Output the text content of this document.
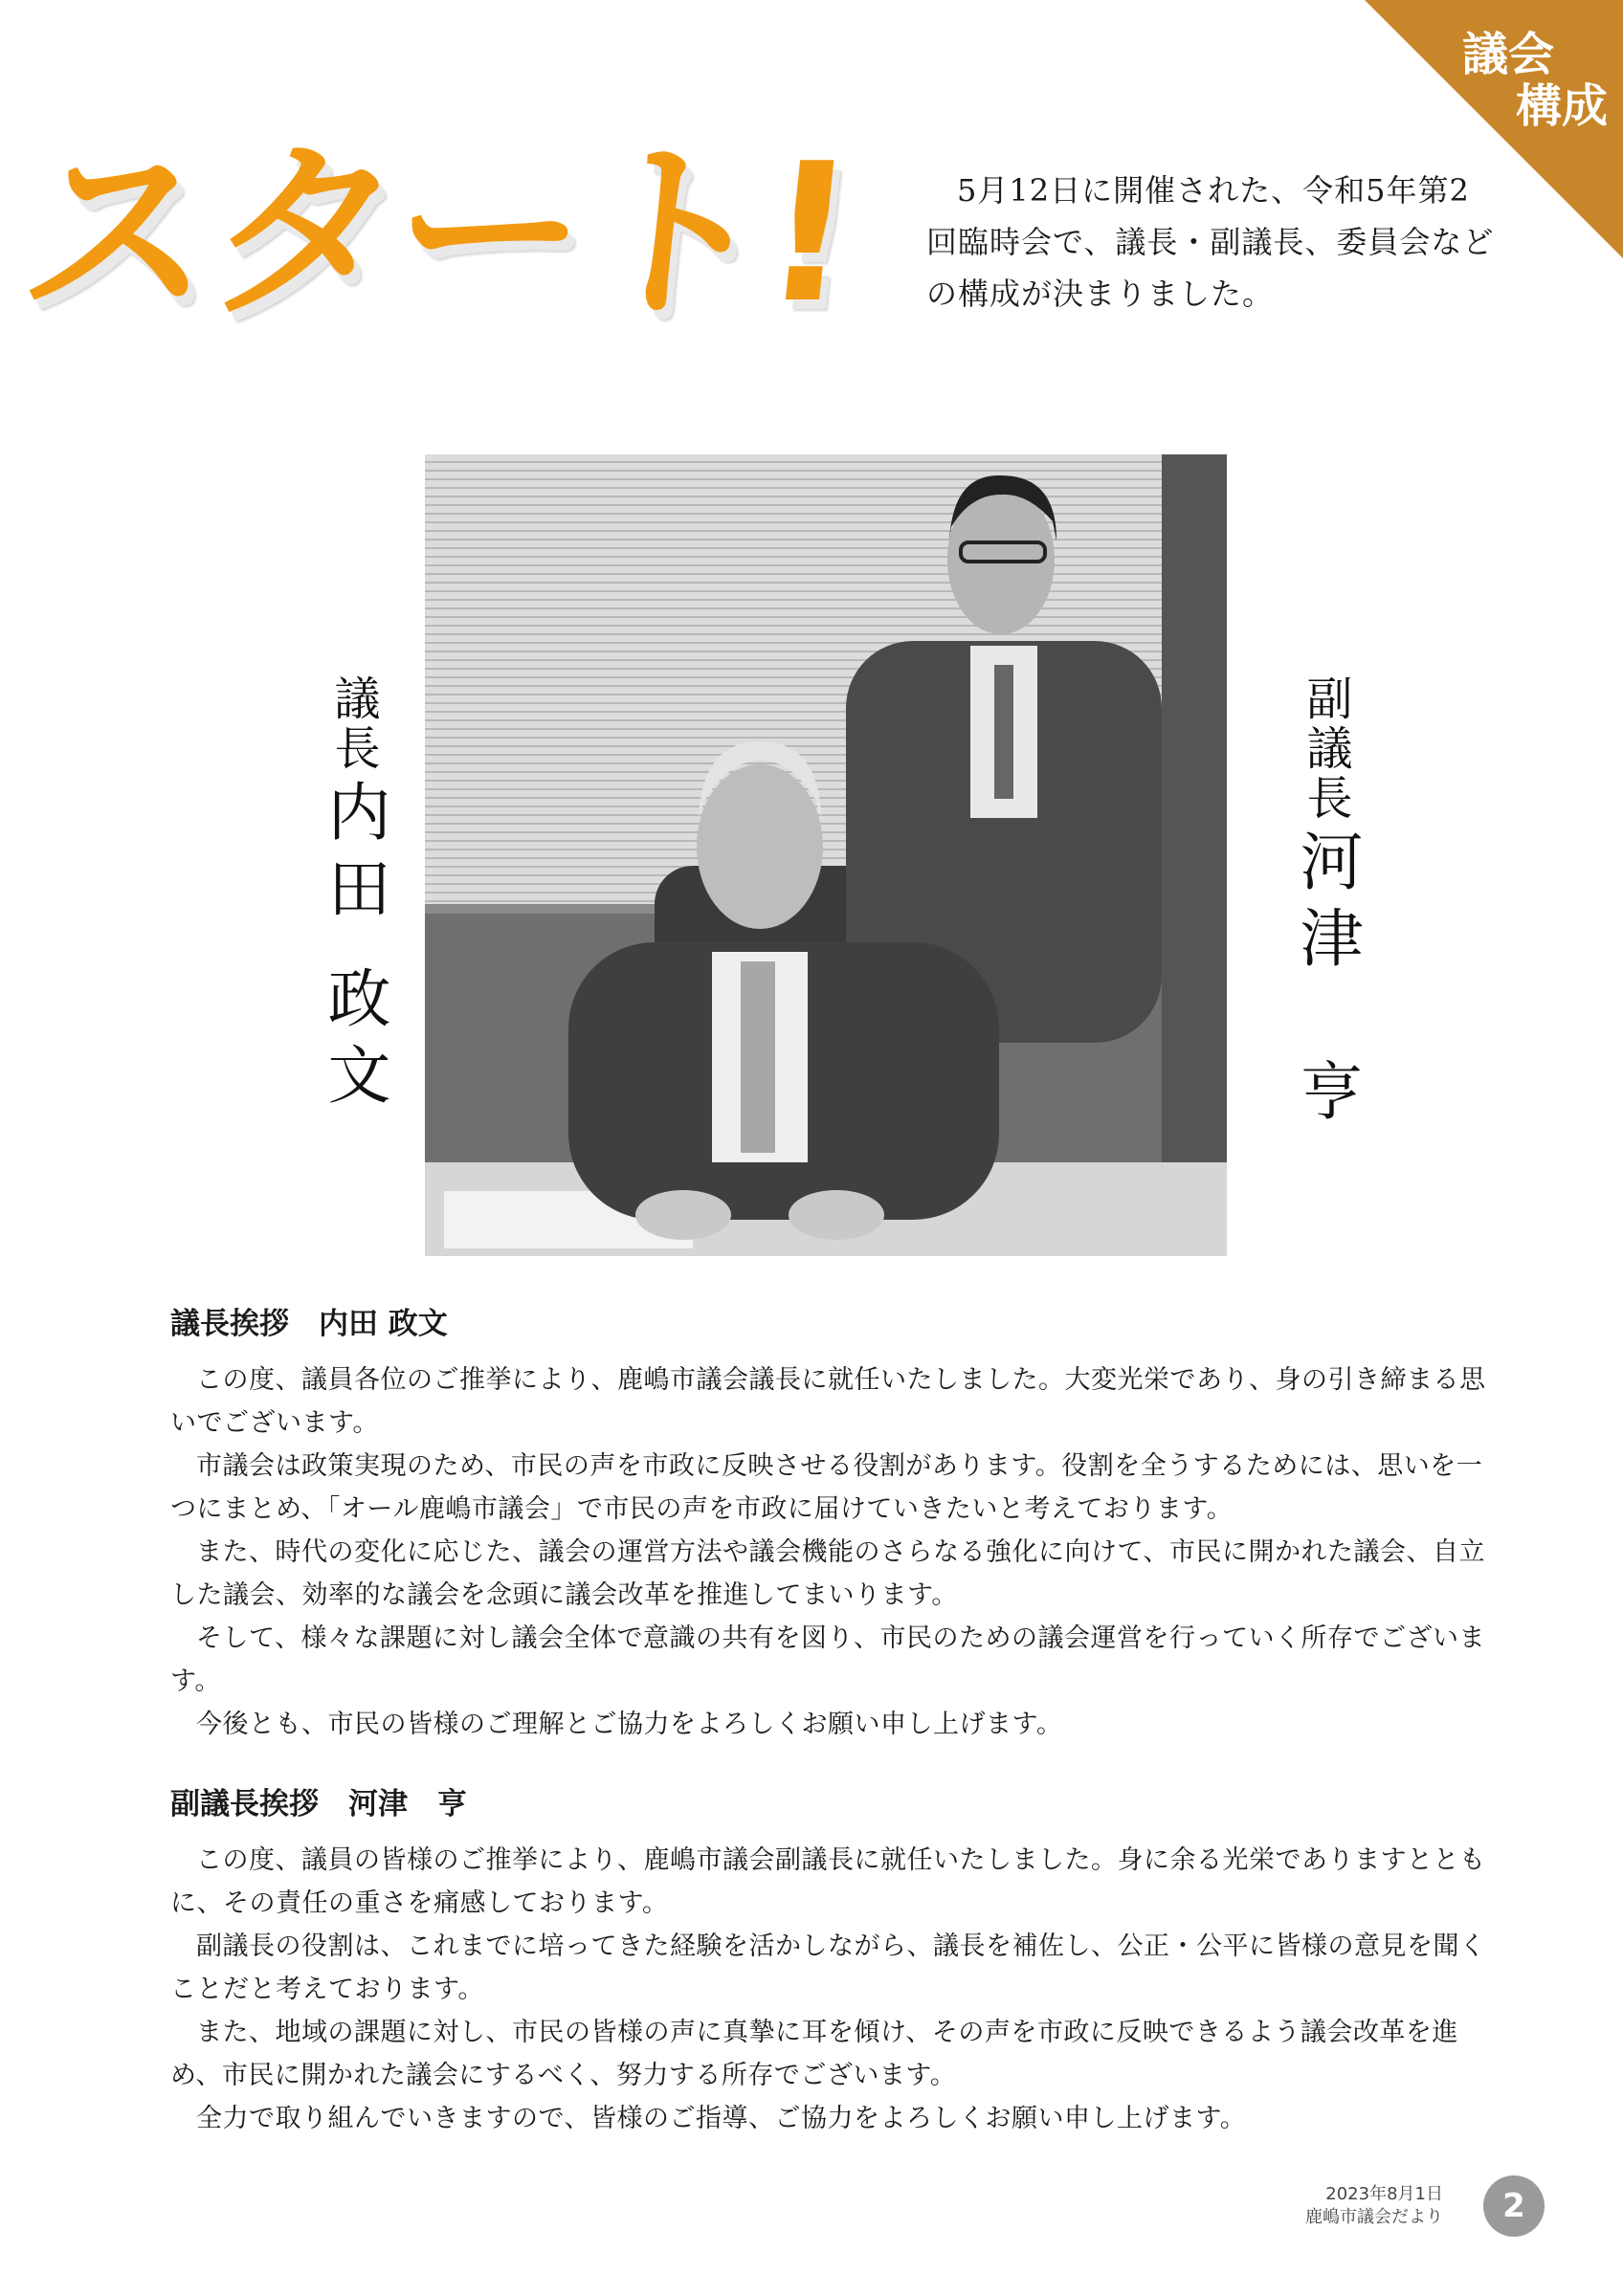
議会
構成
スタート!	5月12日に開催された、令和5年第2回臨時会で、議長・副議長、委員会などの構成が決まりました。

議長 内田 政文
副議長 河津　亨
議長挨拶　内田 政文

この度、議員各位のご推挙により、鹿嶋市議会議長に就任いたしました。大変光栄であり、身の引き締まる思いでございます。

市議会は政策実現のため、市民の声を市政に反映させる役割があります。役割を全うするためには、思いを一つにまとめ、「オール鹿嶋市議会」で市民の声を市政に届けていきたいと考えております。

また、時代の変化に応じた、議会の運営方法や議会機能のさらなる強化に向けて、市民に開かれた議会、自立した議会、効率的な議会を念頭に議会改革を推進してまいります。

そして、様々な課題に対し議会全体で意識の共有を図り、市民のための議会運営を行っていく所存でございます。

今後とも、市民の皆様のご理解とご協力をよろしくお願い申し上げます。

副議長挨拶　河津　亨

この度、議員の皆様のご推挙により、鹿嶋市議会副議長に就任いたしました。身に余る光栄でありますとともに、その責任の重さを痛感しております。

副議長の役割は、これまでに培ってきた経験を活かしながら、議長を補佐し、公正・公平に皆様の意見を聞くことだと考えております。

また、地域の課題に対し、市民の皆様の声に真摯に耳を傾け、その声を市政に反映できるよう議会改革を進め、市民に開かれた議会にするべく、努力する所存でございます。

全力で取り組んでいきますので、皆様のご指導、ご協力をよろしくお願い申し上げます。

2023年8月1日
鹿嶋市議会だより	2
